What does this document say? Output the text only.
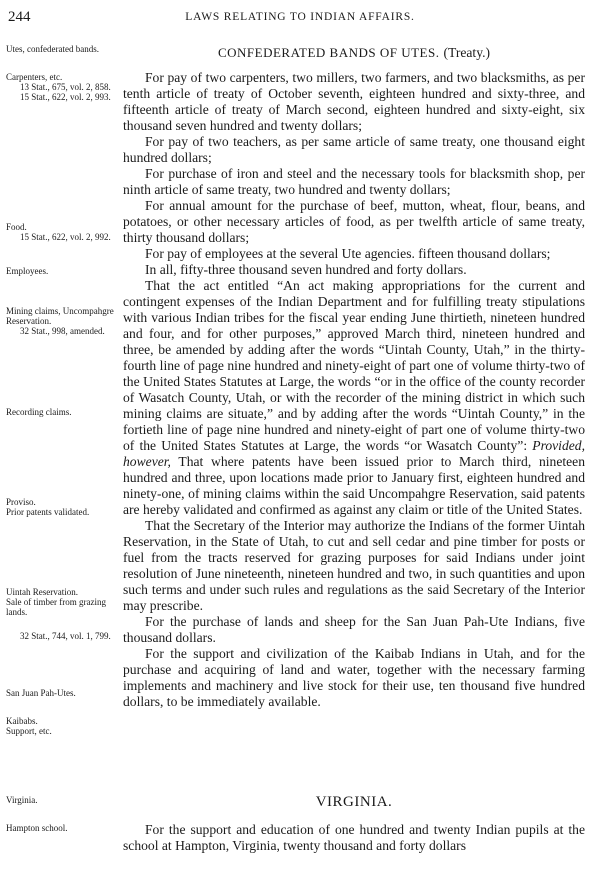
244	LAWS RELATING TO INDIAN AFFAIRS.
Utes, confederated bands.
Carpenters, etc.
13 Stat., 675, vol. 2, 858.
15 Stat., 622, vol. 2, 993.
Food.
15 Stat., 622, vol. 2, 992.
Employees.
Mining claims, Uncompahgre Reservation.
32 Stat., 998, amended.
Recording claims.
Proviso.
Prior patents validated.
Uintah Reservation.
Sale of timber from grazing lands.
32 Stat., 744, vol. 1, 799.
San Juan Pah-Utes.
Kaibabs.
Support, etc.
Virginia.
Hampton school.
CONFEDERATED BANDS OF UTES. (Treaty.)

For pay of two carpenters, two millers, two farmers, and two blacksmiths, as per tenth article of treaty of October seventh, eighteen hundred and sixty-three, and fifteenth article of treaty of March second, eighteen hundred and sixty-eight, six thousand seven hundred and twenty dollars;

For pay of two teachers, as per same article of same treaty, one thousand eight hundred dollars;

For purchase of iron and steel and the necessary tools for blacksmith shop, per ninth article of same treaty, two hundred and twenty dollars;

For annual amount for the purchase of beef, mutton, wheat, flour, beans, and potatoes, or other necessary articles of food, as per twelfth article of same treaty, thirty thousand dollars;

For pay of employees at the several Ute agencies. fifteen thousand dollars;

In all, fifty-three thousand seven hundred and forty dollars.

That the act entitled “An act making appropriations for the current and contingent expenses of the Indian Department and for fulfilling treaty stipulations with various Indian tribes for the fiscal year ending June thirtieth, nineteen hundred and four, and for other purposes,” approved March third, nineteen hundred and three, be amended by adding after the words “Uintah County, Utah,” in the thirty-fourth line of page nine hundred and ninety-eight of part one of volume thirty-two of the United States Statutes at Large, the words “or in the office of the county recorder of Wasatch County, Utah, or with the recorder of the mining district in which such mining claims are situate,” and by adding after the words “Uintah County,” in the fortieth line of page nine hundred and ninety-eight of part one of volume thirty-two of the United States Statutes at Large, the words “or Wasatch County”: Provided, however, That where patents have been issued prior to March third, nineteen hundred and three, upon locations made prior to January first, eighteen hundred and ninety-one, of mining claims within the said Uncompahgre Reservation, said patents are hereby validated and confirmed as against any claim or title of the United States.

That the Secretary of the Interior may authorize the Indians of the former Uintah Reservation, in the State of Utah, to cut and sell cedar and pine timber for posts or fuel from the tracts reserved for grazing purposes for said Indians under joint resolution of June nineteenth, nineteen hundred and two, in such quantities and upon such terms and under such rules and regulations as the said Secretary of the Interior may prescribe.

For the purchase of lands and sheep for the San Juan Pah-Ute Indians, five thousand dollars.

For the support and civilization of the Kaibab Indians in Utah, and for the purchase and acquiring of land and water, together with the necessary farming implements and machinery and live stock for their use, ten thousand five hundred dollars, to be immediately available.

VIRGINIA.

For the support and education of one hundred and twenty Indian pupils at the school at Hampton, Virginia, twenty thousand and forty dollars
